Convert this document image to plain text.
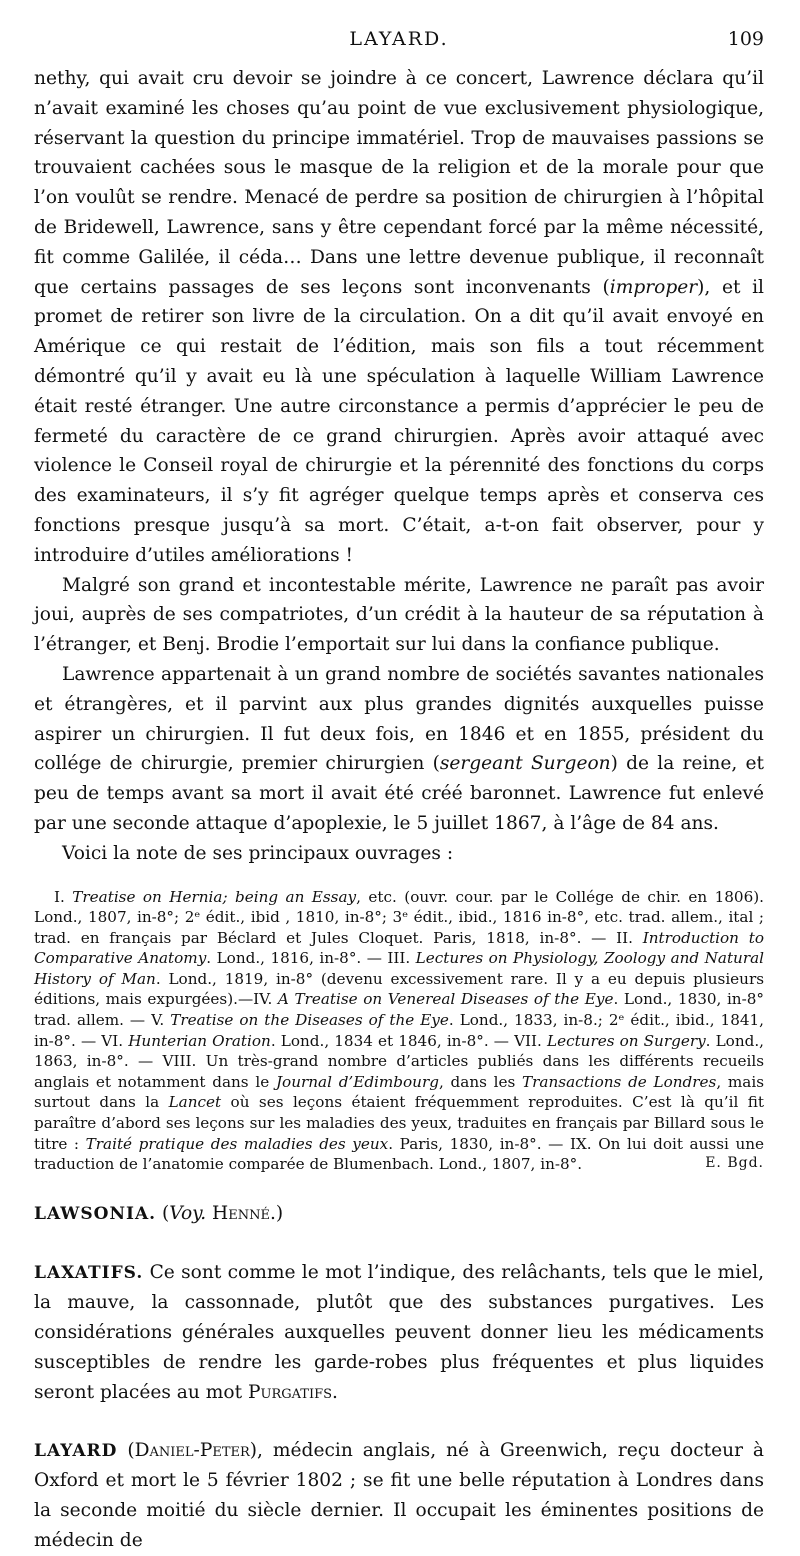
LAYARD.	109

nethy, qui avait cru devoir se joindre à ce concert, Lawrence déclara qu’il n’avait examiné les choses qu’au point de vue exclusivement physiologique, réservant la question du principe immatériel. Trop de mauvaises passions se trouvaient cachées sous le masque de la religion et de la morale pour que l’on voulût se rendre. Menacé de perdre sa position de chirurgien à l’hôpital de Bridewell, Lawrence, sans y être cependant forcé par la même nécessité, fit comme Galilée, il céda… Dans une lettre devenue publique, il reconnaît que certains passages de ses leçons sont inconvenants (improper), et il promet de retirer son livre de la circulation. On a dit qu’il avait envoyé en Amérique ce qui restait de l’édition, mais son fils a tout récemment démontré qu’il y avait eu là une spéculation à laquelle William Lawrence était resté étranger. Une autre circonstance a permis d’apprécier le peu de fermeté du caractère de ce grand chirurgien. Après avoir attaqué avec violence le Conseil royal de chirurgie et la pérennité des fonctions du corps des examinateurs, il s’y fit agréger quelque temps après et conserva ces fonctions presque jusqu’à sa mort. C’était, a-t-on fait observer, pour y introduire d’utiles améliorations !

Malgré son grand et incontestable mérite, Lawrence ne paraît pas avoir joui, auprès de ses compatriotes, d’un crédit à la hauteur de sa réputation à l’étranger, et Benj. Brodie l’emportait sur lui dans la confiance publique.

Lawrence appartenait à un grand nombre de sociétés savantes nationales et étrangères, et il parvint aux plus grandes dignités auxquelles puisse aspirer un chirurgien. Il fut deux fois, en 1846 et en 1855, président du collége de chirurgie, premier chirurgien (sergeant Surgeon) de la reine, et peu de temps avant sa mort il avait été créé baronnet. Lawrence fut enlevé par une seconde attaque d’apoplexie, le 5 juillet 1867, à l’âge de 84 ans.

Voici la note de ses principaux ouvrages :

I. Treatise on Hernia; being an Essay, etc. (ouvr. cour. par le Collége de chir. en 1806). Lond., 1807, in-8°; 2ᵉ édit., ibid , 1810, in-8°; 3ᵉ édit., ibid., 1816 in-8°, etc. trad. allem., ital ; trad. en français par Béclard et Jules Cloquet. Paris, 1818, in-8°. — II. Introduction to Comparative Anatomy. Lond., 1816, in-8°. — III. Lectures on Physiology, Zoology and Natural History of Man. Lond., 1819, in-8° (devenu excessivement rare. Il y a eu depuis plusieurs éditions, mais expurgées).—IV. A Treatise on Venereal Diseases of the Eye. Lond., 1830, in-8° trad. allem. — V. Treatise on the Diseases of the Eye. Lond., 1833, in-8.; 2ᵉ édit., ibid., 1841, in-8°. — VI. Hunterian Oration. Lond., 1834 et 1846, in-8°. — VII. Lectures on Surgery. Lond., 1863, in-8°. — VIII. Un très-grand nombre d’articles publiés dans les différents recueils anglais et notamment dans le Journal d’Edimbourg, dans les Transactions de Londres, mais surtout dans la Lancet où ses leçons étaient fréquemment reproduites. C’est là qu’il fit paraître d’abord ses leçons sur les maladies des yeux, traduites en français par Billard sous le titre : Traité pratique des maladies des yeux. Paris, 1830, in-8°. — IX. On lui doit aussi une traduction de l’anatomie comparée de Blumenbach. Lond., 1807, in-8°.	E. Bgd.

LAWSONIA. (Voy. Henné.)

LAXATIFS. Ce sont comme le mot l’indique, des relâchants, tels que le miel, la mauve, la cassonnade, plutôt que des substances purgatives. Les considérations générales auxquelles peuvent donner lieu les médicaments susceptibles de rendre les garde-robes plus fréquentes et plus liquides seront placées au mot Purgatifs.

LAYARD (Daniel-Peter), médecin anglais, né à Greenwich, reçu docteur à Oxford et mort le 5 février 1802 ; se fit une belle réputation à Londres dans la seconde moitié du siècle dernier. Il occupait les éminentes positions de médecin de
